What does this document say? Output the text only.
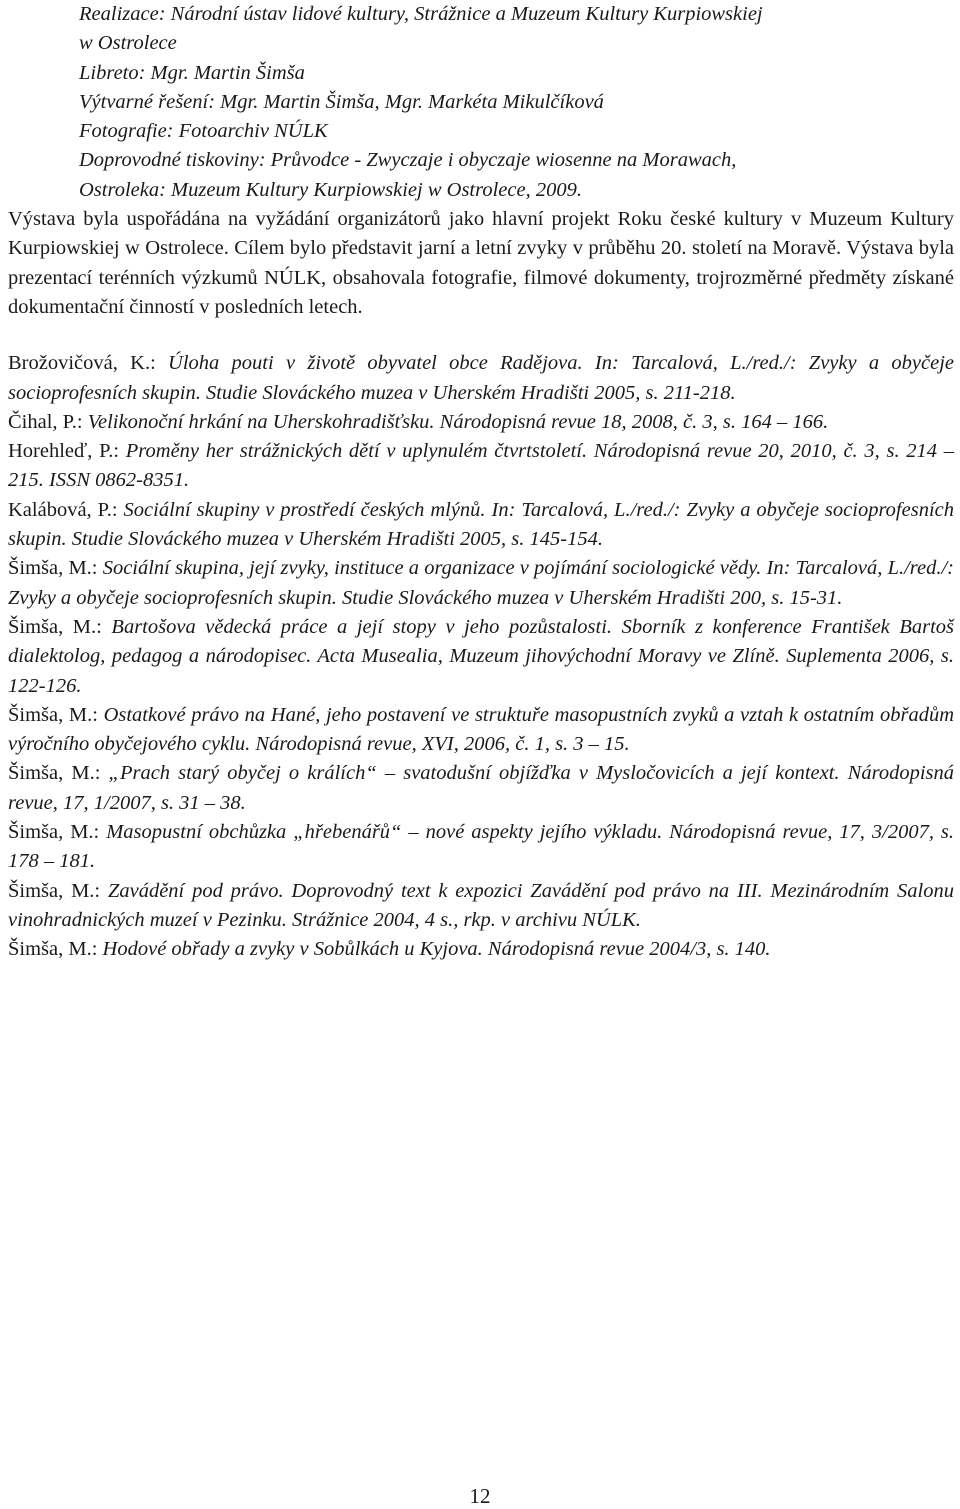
Realizace: Národní ústav lidové kultury, Strážnice a Muzeum Kultury Kurpiowskiej
w Ostrolece
Libreto: Mgr. Martin Šimša
Výtvarné řešení: Mgr. Martin Šimša, Mgr. Markéta Mikulčíková
Fotografie: Fotoarchiv NÚLK
Doprovodné tiskoviny: Průvodce - Zwyczaje i obyczaje wiosenne na Morawach,
Ostroleka: Muzeum Kultury Kurpiowskiej w Ostrolece, 2009.

Výstava byla uspořádána na vyžádání organizátorů jako hlavní projekt Roku české kultury v Muzeum Kultury Kurpiowskiej w Ostrolece. Cílem bylo představit jarní a letní zvyky v průběhu 20. století na Moravě. Výstava byla prezentací terénních výzkumů NÚLK, obsahovala fotografie, filmové dokumenty, trojrozměrné předměty získané dokumentační činností v posledních letech.

Brožovičová, K.: Úloha pouti v životě obyvatel obce Radějova. In: Tarcalová, L./red./: Zvyky a obyčeje socioprofesních skupin. Studie Slováckého muzea v Uherském Hradišti 2005, s. 211-218.

Čihal, P.: Velikonoční hrkání na Uherskohradišťsku. Národopisná revue 18, 2008, č. 3, s. 164 – 166.

Horehleď, P.: Proměny her strážnických dětí v uplynulém čtvrtstoletí. Národopisná revue 20, 2010, č. 3, s. 214 – 215. ISSN 0862-8351.

Kalábová, P.: Sociální skupiny v prostředí českých mlýnů. In: Tarcalová, L./red./: Zvyky a obyčeje socioprofesních skupin. Studie Slováckého muzea v Uherském Hradišti 2005, s. 145-154.

Šimša, M.: Sociální skupina, její zvyky, instituce a organizace v pojímání sociologické vědy. In: Tarcalová, L./red./: Zvyky a obyčeje socioprofesních skupin. Studie Slováckého muzea v Uherském Hradišti 200, s. 15-31.

Šimša, M.: Bartošova vědecká práce a její stopy v jeho pozůstalosti. Sborník z konference František Bartoš dialektolog, pedagog a národopisec. Acta Musealia, Muzeum jihovýchodní Moravy ve Zlíně. Suplementa 2006, s. 122-126.

Šimša, M.: Ostatkové právo na Hané, jeho postavení ve struktuře masopustních zvyků a vztah k ostatním obřadům výročního obyčejového cyklu. Národopisná revue, XVI, 2006, č. 1, s. 3 – 15.

Šimša, M.: „Prach starý obyčej o králích“ – svatodušní objížďka v Mysločovicích a její kontext. Národopisná revue, 17, 1/2007, s. 31 – 38.

Šimša, M.: Masopustní obchůzka „hřebenářů“ – nové aspekty jejího výkladu. Národopisná revue, 17, 3/2007, s. 178 – 181.

Šimša, M.: Zavádění pod právo. Doprovodný text k expozici Zavádění pod právo na III. Mezinárodním Salonu vinohradnických muzeí v Pezinku. Strážnice 2004, 4 s., rkp. v archivu NÚLK.

Šimša, M.: Hodové obřady a zvyky v Sobůlkách u Kyjova. Národopisná revue 2004/3, s. 140.

12
